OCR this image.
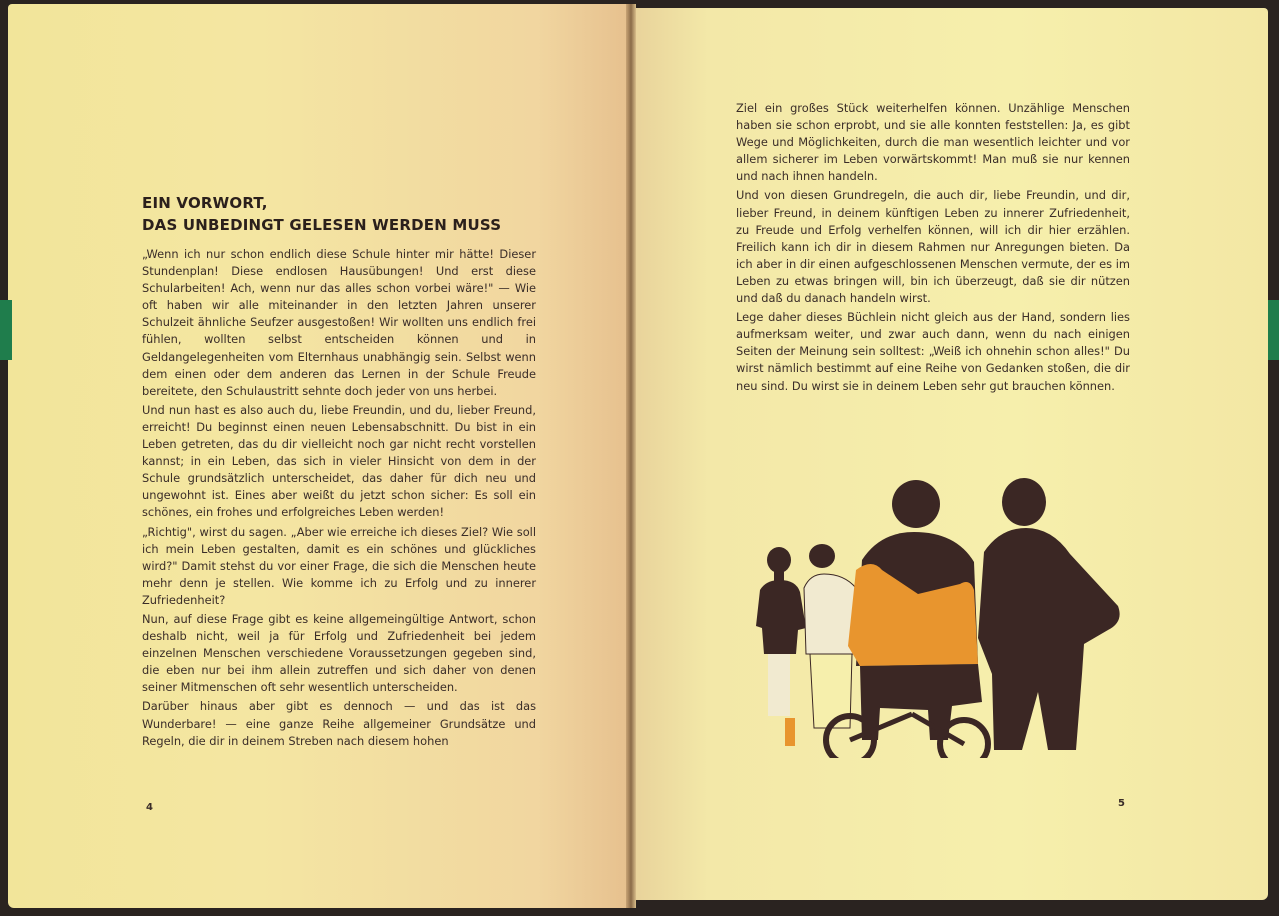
EIN VORWORT,
DAS UNBEDINGT GELESEN WERDEN MUSS

„Wenn ich nur schon endlich diese Schule hinter mir hätte! Dieser Stundenplan! Diese endlosen Hausübungen! Und erst diese Schularbeiten! Ach, wenn nur das alles schon vorbei wäre!" — Wie oft haben wir alle miteinander in den letzten Jahren unserer Schulzeit ähnliche Seufzer ausgestoßen! Wir wollten uns endlich frei fühlen, wollten selbst entscheiden können und in Geldangelegenheiten vom Elternhaus unabhängig sein. Selbst wenn dem einen oder dem anderen das Lernen in der Schule Freude bereitete, den Schulaustritt sehnte doch jeder von uns herbei.

Und nun hast es also auch du, liebe Freundin, und du, lieber Freund, erreicht! Du beginnst einen neuen Lebensabschnitt. Du bist in ein Leben getreten, das du dir vielleicht noch gar nicht recht vorstellen kannst; in ein Leben, das sich in vieler Hinsicht von dem in der Schule grundsätzlich unterscheidet, das daher für dich neu und ungewohnt ist. Eines aber weißt du jetzt schon sicher: Es soll ein schönes, ein frohes und erfolgreiches Leben werden!

„Richtig", wirst du sagen. „Aber wie erreiche ich dieses Ziel? Wie soll ich mein Leben gestalten, damit es ein schönes und glückliches wird?" Damit stehst du vor einer Frage, die sich die Menschen heute mehr denn je stellen. Wie komme ich zu Erfolg und zu innerer Zufriedenheit?

Nun, auf diese Frage gibt es keine allgemeingültige Antwort, schon deshalb nicht, weil ja für Erfolg und Zufriedenheit bei jedem einzelnen Menschen verschiedene Voraussetzungen gegeben sind, die eben nur bei ihm allein zutreffen und sich daher von denen seiner Mitmenschen oft sehr wesentlich unterscheiden.

Darüber hinaus aber gibt es dennoch — und das ist das Wunderbare! — eine ganze Reihe allgemeiner Grundsätze und Regeln, die dir in deinem Streben nach diesem hohen

4

Ziel ein großes Stück weiterhelfen können. Unzählige Menschen haben sie schon erprobt, und sie alle konnten feststellen: Ja, es gibt Wege und Möglichkeiten, durch die man wesentlich leichter und vor allem sicherer im Leben vorwärtskommt! Man muß sie nur kennen und nach ihnen handeln.

Und von diesen Grundregeln, die auch dir, liebe Freundin, und dir, lieber Freund, in deinem künftigen Leben zu innerer Zufriedenheit, zu Freude und Erfolg verhelfen können, will ich dir hier erzählen. Freilich kann ich dir in diesem Rahmen nur Anregungen bieten. Da ich aber in dir einen aufgeschlossenen Menschen vermute, der es im Leben zu etwas bringen will, bin ich überzeugt, daß sie dir nützen und daß du danach handeln wirst.

Lege daher dieses Büchlein nicht gleich aus der Hand, sondern lies aufmerksam weiter, und zwar auch dann, wenn du nach einigen Seiten der Meinung sein solltest: „Weiß ich ohnehin schon alles!" Du wirst nämlich bestimmt auf eine Reihe von Gedanken stoßen, die dir neu sind. Du wirst sie in deinem Leben sehr gut brauchen können.

5
